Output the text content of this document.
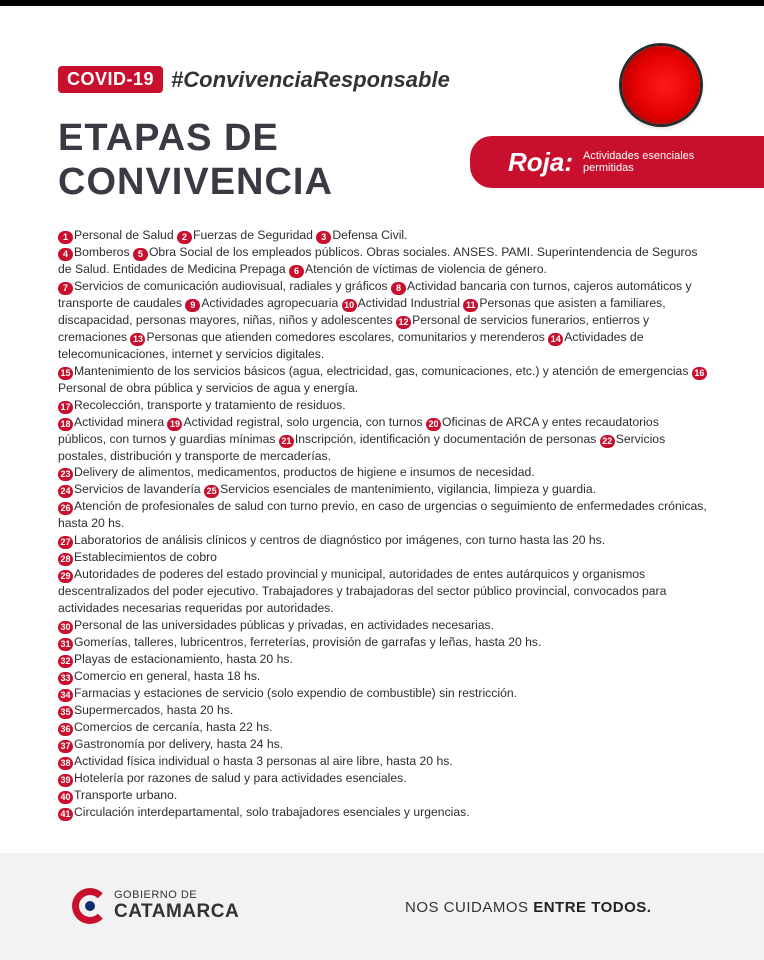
COVID-19 #ConvivenciaResponsable
ETAPAS DE
CONVIVENCIA	Roja: Actividades esenciales
permitidas

1 Personal de Salud 2 Fuerzas de Seguridad 3 Defensa Civil.

4 Bomberos 5 Obra Social de los empleados públicos. Obras sociales. ANSES. PAMI. Superintendencia de Seguros de Salud. Entidades de Medicina Prepaga 6 Atención de víctimas de violencia de género.

7 Servicios de comunicación audiovisual, radiales y gráficos 8 Actividad bancaria con turnos, cajeros automáticos y transporte de caudales 9 Actividades agropecuaria 10 Actividad Industrial 11 Personas que asisten a familiares, discapacidad, personas mayores, niñas, niños y adolescentes 12 Personal de servicios funerarios, entierros y cremaciones 13 Personas que atienden comedores escolares, comunitarios y merenderos 14 Actividades de telecomunicaciones, internet y servicios digitales.

15 Mantenimiento de los servicios básicos (agua, electricidad, gas, comunicaciones, etc.) y atención de emergencias 16Personal de obra pública y servicios de agua y energía.

17 Recolección, transporte y tratamiento de residuos.

18 Actividad minera 19 Actividad registral, solo urgencia, con turnos 20 Oficinas de ARCA y entes recaudatorios públicos, con turnos y guardias mínimas 21 Inscripción, identificación y documentación de personas 22 Servicios postales, distribución y transporte de mercaderías.

23 Delivery de alimentos, medicamentos, productos de higiene e insumos de necesidad.

24 Servicios de lavandería 25 Servicios esenciales de mantenimiento, vigilancia, limpieza y guardia.

26 Atención de profesionales de salud con turno previo, en caso de urgencias o seguimiento de enfermedades crónicas, hasta 20 hs.

27 Laboratorios de análisis clínicos y centros de diagnóstico por imágenes, con turno hasta las 20 hs.

28 Establecimientos de cobro

29 Autoridades de poderes del estado provincial y municipal, autoridades de entes autárquicos y organismos descentralizados del poder ejecutivo. Trabajadores y trabajadoras del sector público provincial, convocados para actividades necesarias requeridas por autoridades.

30 Personal de las universidades públicas y privadas, en actividades necesarias.

31 Gomerías, talleres, lubricentros, ferreterías, provisión de garrafas y leñas, hasta 20 hs.

32 Playas de estacionamiento, hasta 20 hs.

33 Comercio en general, hasta 18 hs.

34 Farmacias y estaciones de servicio (solo expendio de combustible) sin restricción.

35 Supermercados, hasta 20 hs.

36 Comercios de cercanía, hasta 22 hs.

37 Gastronomía por delivery, hasta 24 hs.

38 Actividad física individual o hasta 3 personas al aire libre, hasta 20 hs.

39 Hotelería por razones de salud y para actividades esenciales.

40 Transporte urbano.

41 Circulación interdepartamental, solo trabajadores esenciales y urgencias.

GOBIERNO DE
CATAMARCA	NOS CUIDAMOS ENTRE TODOS.
